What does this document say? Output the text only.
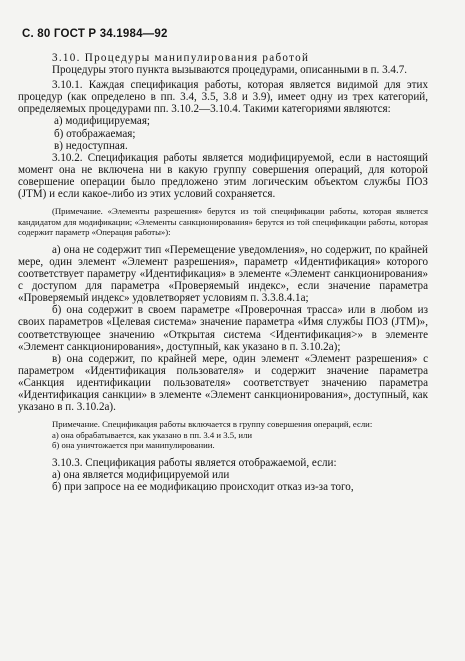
С. 80 ГОСТ Р 34.1984—92

3.10. Процедуры манипулирования работой

Процедуры этого пункта вызываются процедурами, описанными в п. 3.4.7.

3.10.1. Каждая спецификация работы, которая является видимой для этих процедур (как определено в пп. 3.4, 3.5, 3.8 и 3.9), имеет одну из трех категорий, определяемых процедурами пп. 3.10.2—3.10.4. Такими категориями являются:

а) модифицируемая;

б) отображаемая;

в) недоступная.

3.10.2. Спецификация работы является модифицируемой, если в настоящий момент она не включена ни в какую группу совершения операций, для которой совершение операции было предложено этим логическим объектом службы ПОЗ (JTM) и если какое-либо из этих условий сохраняется.

(Примечание. «Элементы разрешения» берутся из той спецификации работы, которая является кандидатом для модификации; «Элементы санкционирования» берутся из той спецификации работы, которая содержит параметр «Операция работы»):

а) она не содержит тип «Перемещение уведомления», но содержит, по крайней мере, один элемент «Элемент разрешения», параметр «Идентификация» которого соответствует параметру «Идентификация» в элементе «Элемент санкционирования» с доступом для параметра «Проверяемый индекс», если значение параметра «Проверяемый индекс» удовлетворяет условиям п. 3.3.8.4.1а;

б) она содержит в своем параметре «Проверочная трасса» или в любом из своих параметров «Целевая система» значение параметра «Имя службы ПОЗ (JTM)», соответствующее значению «Открытая система <Идентификация>» в элементе «Элемент санкционирования», доступный, как указано в п. 3.10.2а);

в) она содержит, по крайней мере, один элемент «Элемент разрешения» с параметром «Идентификация пользователя» и содержит значение параметра «Санкция идентификации пользователя» соответствует значению параметра «Идентификация санкции» в элементе «Элемент санкционирования», доступный, как указано в п. 3.10.2а).

Примечание. Спецификация работы включается в группу совершения операций, если:

а) она обрабатывается, как указано в пп. 3.4 и 3.5, или

б) она уничтожается при манипулировании.

3.10.3. Спецификация работы является отображаемой, если:

а) она является модифицируемой или

б) при запросе на ее модификацию происходит отказ из-за того,
